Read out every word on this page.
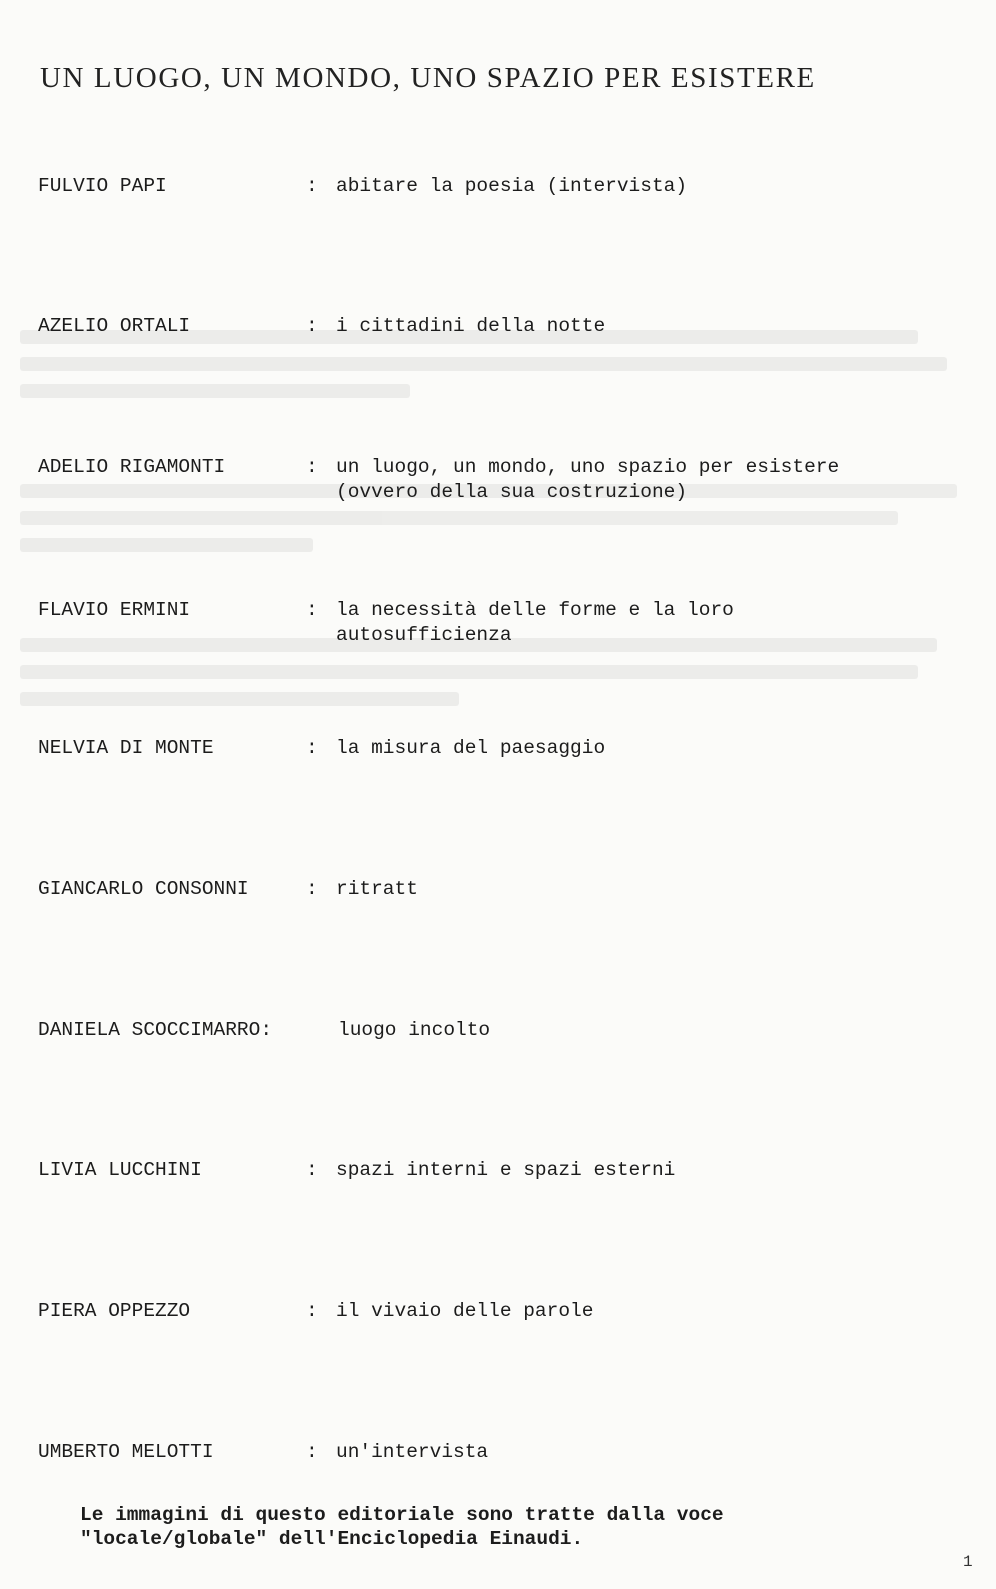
UN LUOGO, UN MONDO, UNO SPAZIO PER ESISTERE
FULVIO PAPI	: abitare la poesia (intervista)
AZELIO ORTALI	: i cittadini della notte
ADELIO RIGAMONTI	: un luogo, un mondo, uno spazio per esistere
(ovvero della sua costruzione)
FLAVIO ERMINI	: la necessità delle forme e la loro
autosufficienza
NELVIA DI MONTE	: la misura del paesaggio
GIANCARLO CONSONNI	: ritratt
DANIELA SCOCCIMARRO:	luogo incolto
LIVIA LUCCHINI	: spazi interni e spazi esterni
PIERA OPPEZZO	: il vivaio delle parole
UMBERTO MELOTTI	: un'intervista
Le immagini di questo editoriale sono tratte dalla voce
"locale/globale" dell'Enciclopedia Einaudi.
1
